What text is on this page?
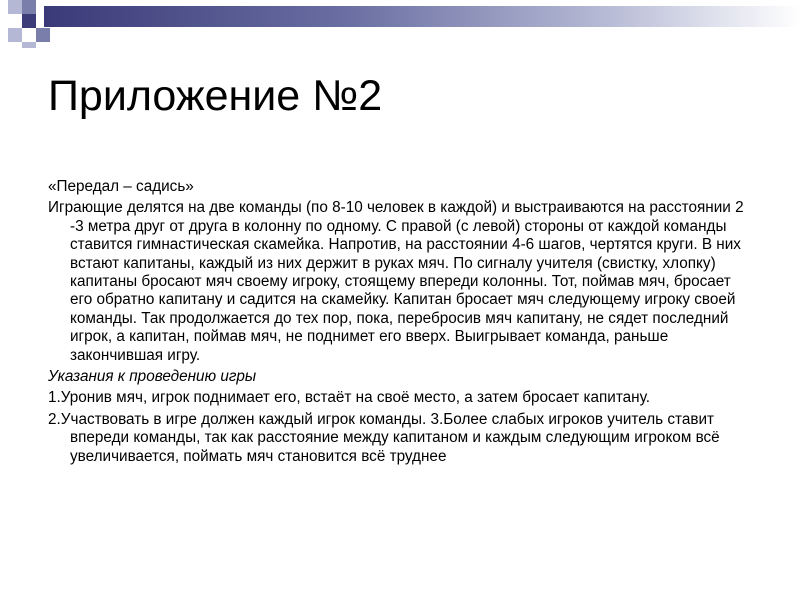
Приложение №2

«Передал – садись»

Играющие делятся на две команды (по 8-10 человек в каждой) и выстраиваются на расстоянии 2 -3 метра друг от друга в колонну по одному. С правой (с левой) стороны от каждой команды ставится гимнастическая скамейка. Напротив, на расстоянии 4-6 шагов, чертятся круги. В них встают капитаны, каждый из них держит в руках мяч. По сигналу учителя (свистку, хлопку) капитаны бросают мяч своему игроку, стоящему впереди колонны. Тот, поймав мяч, бросает его обратно капитану и садится на скамейку. Капитан бросает мяч следующему игроку своей команды. Так продолжается до тех пор, пока, перебросив мяч капитану, не сядет последний игрок, а капитан, поймав мяч, не поднимет его вверх. Выигрывает команда, раньше закончившая игру.

Указания к проведению игры

1.Уронив мяч, игрок поднимает его, встаёт на своё место, а затем бросает капитану.

2.Участвовать в игре должен каждый игрок команды. 3.Более слабых игроков учитель ставит впереди команды, так как расстояние между капитаном и каждым следующим игроком всё увеличивается, поймать мяч становится всё труднее
